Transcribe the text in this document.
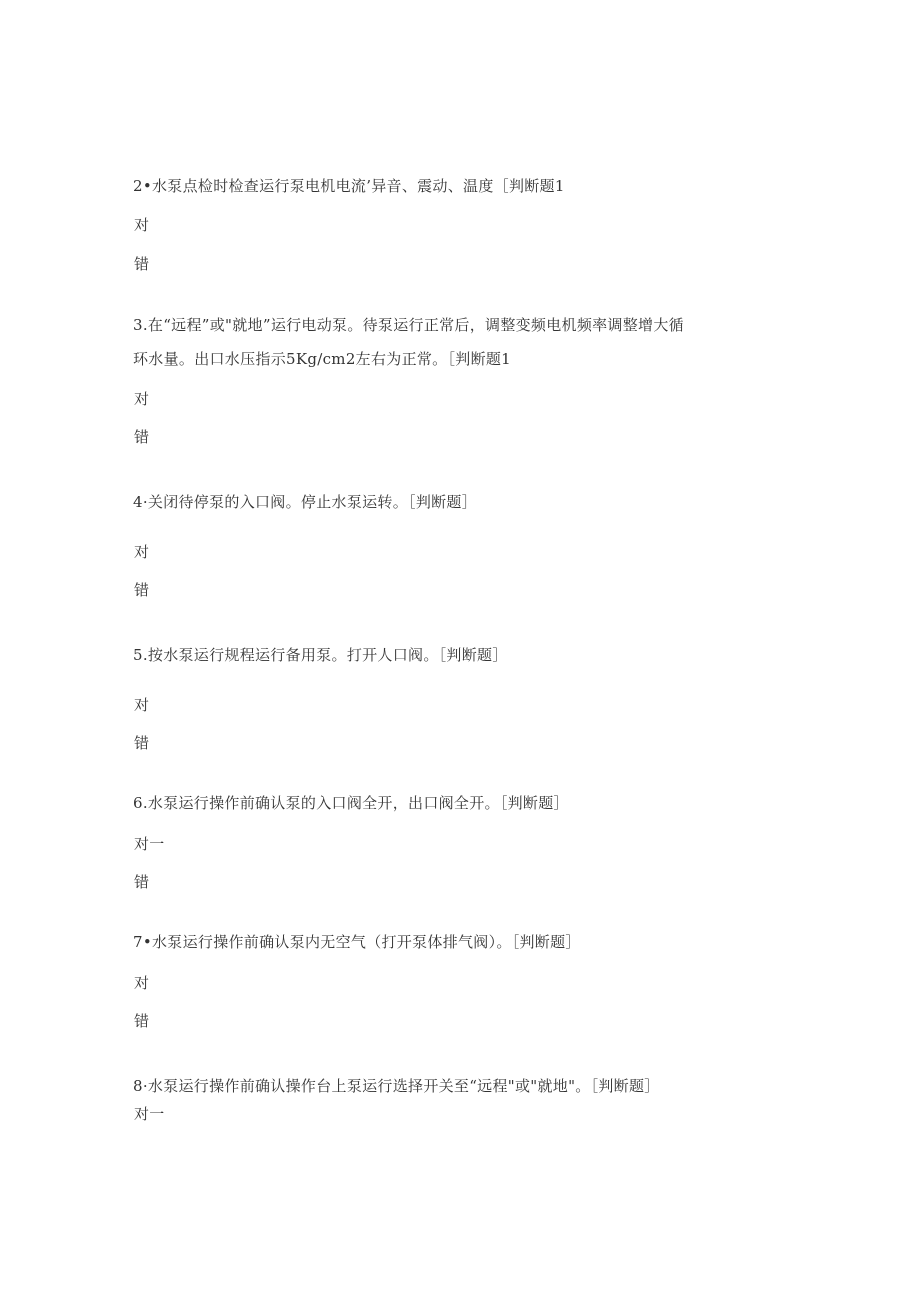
2•水泵点检时检查运行泵电机电流’异音、震动、温度［判断题1
对
错
3.在“远程”或"就地”运行电动泵。待泵运行正常后，调整变频电机频率调整增大循
环水量。出口水压指示5Kg∕cm2左右为正常。［判断题1
对
错
4·关闭待停泵的入口阀。停止水泵运转。［判断题］
对
错
5.按水泵运行规程运行备用泵。打开人口阀。［判断题］
对
错
6.水泵运行操作前确认泵的入口阀全开，出口阀全开。［判断题］
对一
错
7•水泵运行操作前确认泵内无空气（打开泵体排气阀）。［判断题］
对
错
8·水泵运行操作前确认操作台上泵运行选择开关至“远程"或"就地"。［判断题］
对一
